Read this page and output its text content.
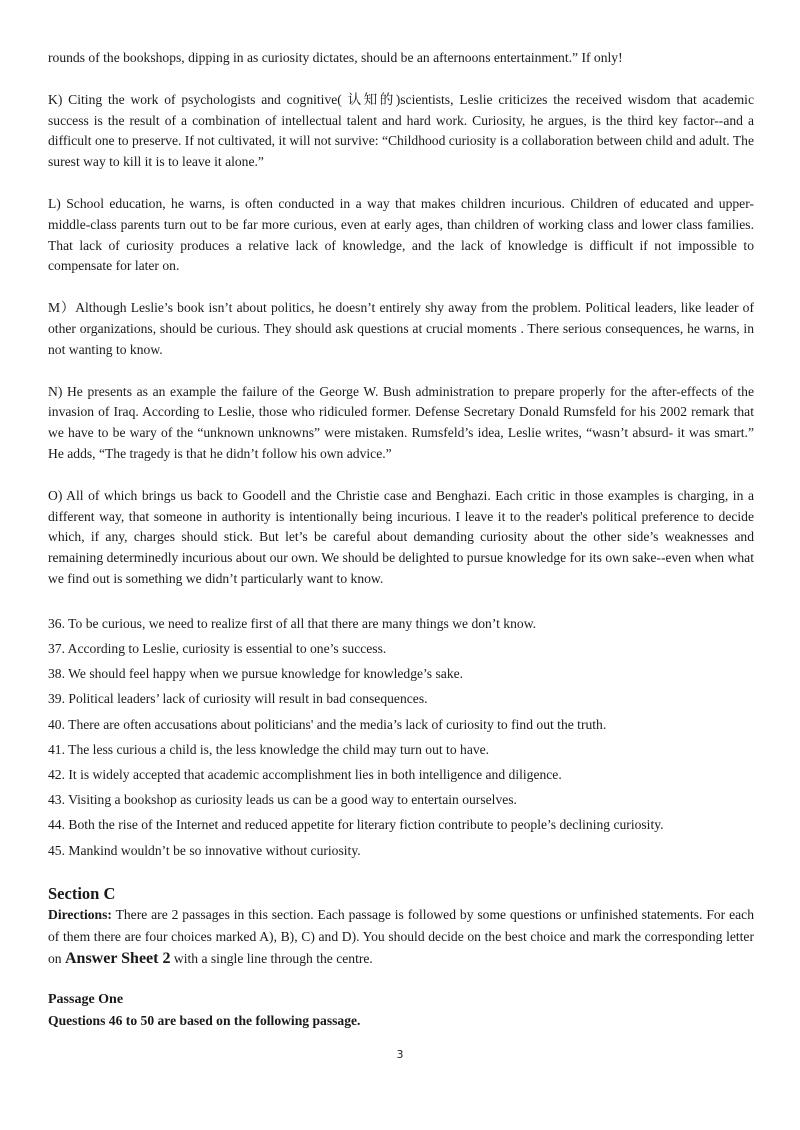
rounds of the bookshops, dipping in as curiosity dictates, should be an afternoons entertainment.” If only!

K) Citing the work of psychologists and cognitive( 认知的)scientists, Leslie criticizes the received wisdom that academic success is the result of a combination of intellectual talent and hard work. Curiosity, he argues, is the third key factor--and a difficult one to preserve. If not cultivated, it will not survive: “Childhood curiosity is a collaboration between child and adult. The surest way to kill it is to leave it alone.”

L) School education, he warns, is often conducted in a way that makes children incurious. Children of educated and upper-middle-class parents turn out to be far more curious, even at early ages, than children of working class and lower class families. That lack of curiosity produces a relative lack of knowledge, and the lack of knowledge is difficult if not impossible to compensate for later on.

M）Although Leslie’s book isn’t about politics, he doesn’t entirely shy away from the problem. Political leaders, like leader of other organizations, should be curious. They should ask questions at crucial moments . There serious consequences, he warns, in not wanting to know.

N) He presents as an example the failure of the George W. Bush administration to prepare properly for the after-effects of the invasion of Iraq. According to Leslie, those who ridiculed former. Defense Secretary Donald Rumsfeld for his 2002 remark that we have to be wary of the “unknown unknowns” were mistaken. Rumsfeld’s idea, Leslie writes, “wasn’t absurd- it was smart.” He adds, “The tragedy is that he didn’t follow his own advice.”

O) All of which brings us back to Goodell and the Christie case and Benghazi. Each critic in those examples is charging, in a different way, that someone in authority is intentionally being incurious. I leave it to the reader's political preference to decide which, if any, charges should stick. But let’s be careful about demanding curiosity about the other side’s weaknesses and remaining determinedly incurious about our own. We should be delighted to pursue knowledge for its own sake--even when what we find out is something we didn’t particularly want to know.

36. To be curious, we need to realize first of all that there are many things we don’t know.
37. According to Leslie, curiosity is essential to one’s success.
38. We should feel happy when we pursue knowledge for knowledge’s sake.
39. Political leaders’ lack of curiosity will result in bad consequences.
40. There are often accusations about politicians' and the media’s lack of curiosity to find out the truth.
41. The less curious a child is, the less knowledge the child may turn out to have.
42. It is widely accepted that academic accomplishment lies in both intelligence and diligence.
43. Visiting a bookshop as curiosity leads us can be a good way to entertain ourselves.
44. Both the rise of the Internet and reduced appetite for literary fiction contribute to people’s declining curiosity.
45. Mankind wouldn’t be so innovative without curiosity.
Section C

Directions: There are 2 passages in this section. Each passage is followed by some questions or unfinished statements. For each of them there are four choices marked A), B), C) and D). You should decide on the best choice and mark the corresponding letter on Answer Sheet 2 with a single line through the centre.

Passage One

Questions 46 to 50 are based on the following passage.

3
